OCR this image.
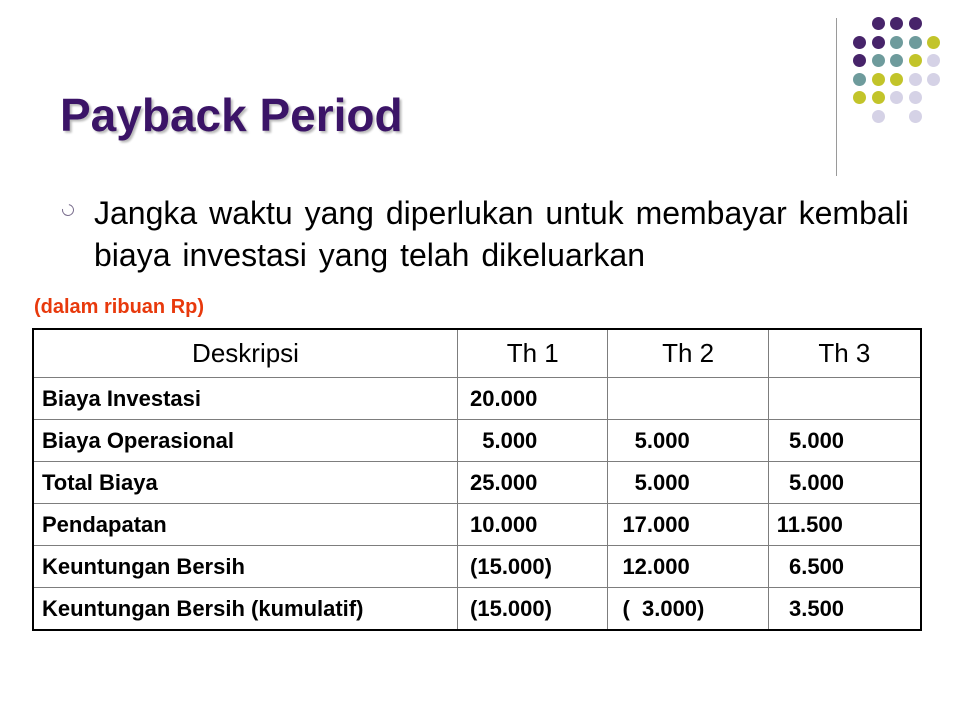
Payback Period
Jangka waktu yang diperlukan untuk membayar kembali biaya investasi yang telah dikeluarkan
(dalam ribuan Rp)
Deskripsi	Th 1	Th 2	Th 3
Biaya Investasi	20.000		
Biaya Operasional	5.000	5.000	5.000
Total Biaya	25.000	5.000	5.000
Pendapatan	10.000	17.000	11.500
Keuntungan Bersih	(15.000)	12.000	6.500
Keuntungan Bersih (kumulatif)	(15.000)	(  3.000)	3.500
